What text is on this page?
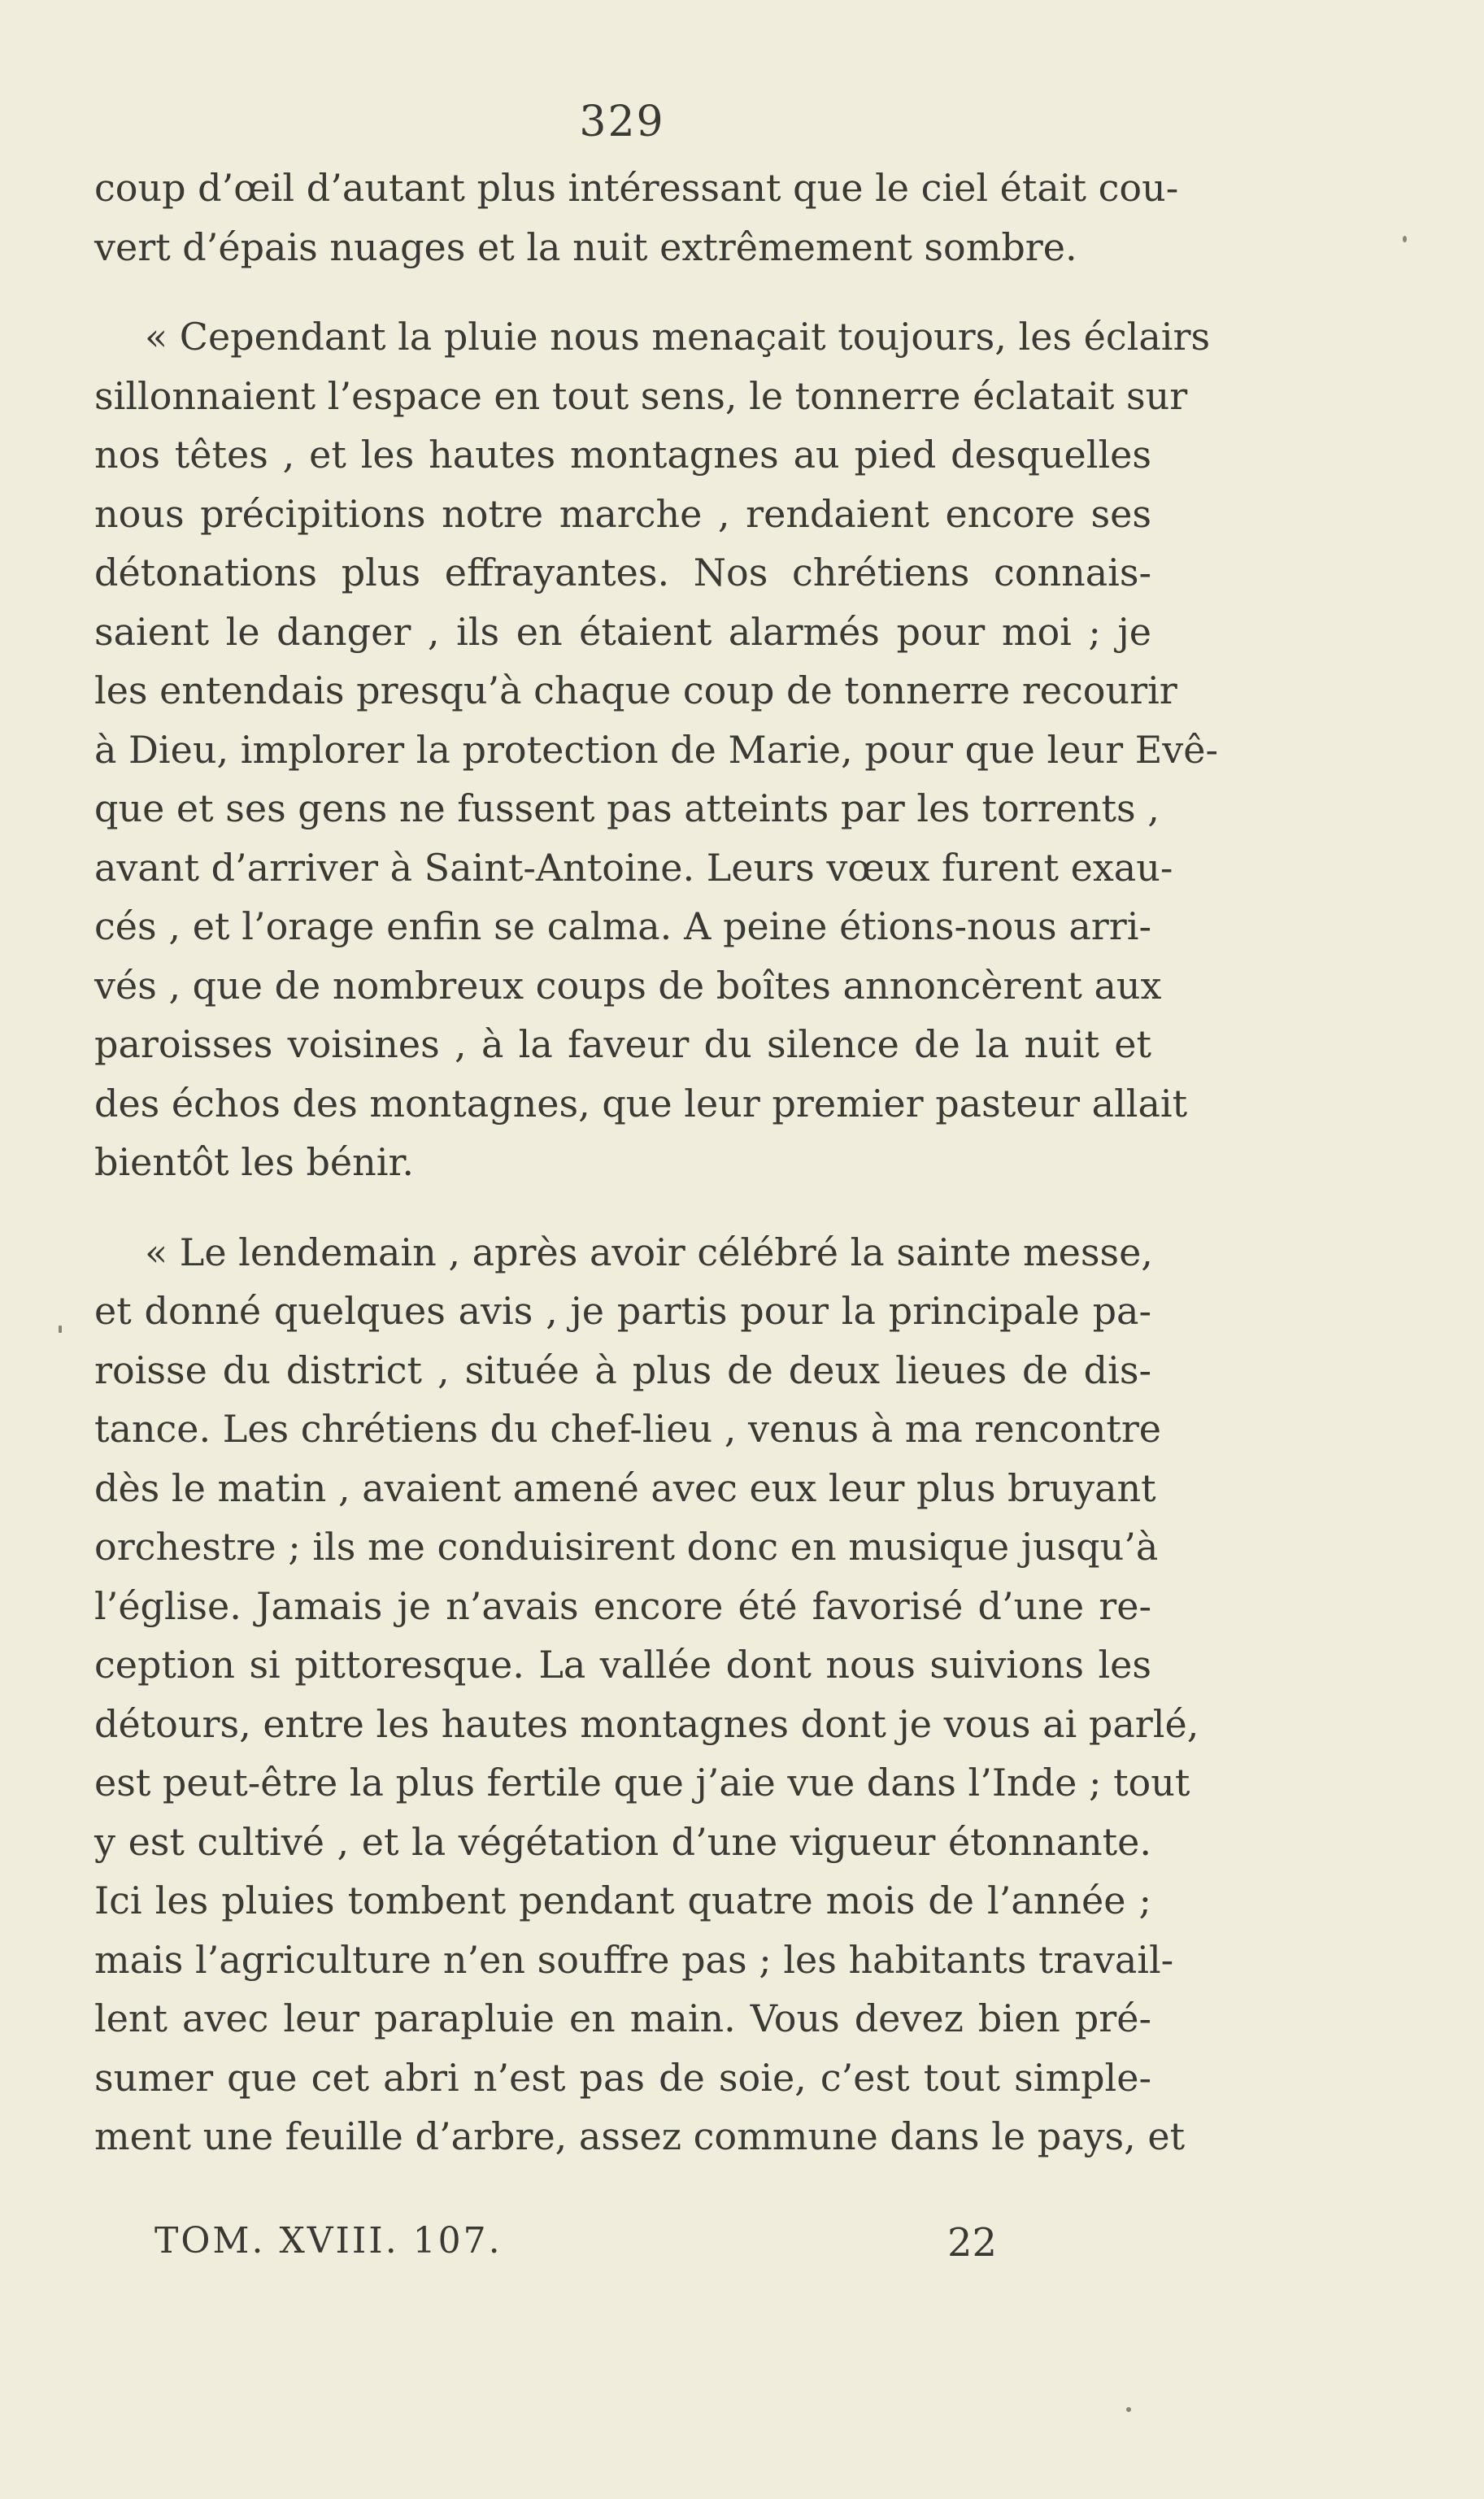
329
coup d’œil d’autant plus intéressant que le ciel était cou-
vert d’épais nuages et la nuit extrêmement sombre.
« Cependant la pluie nous menaçait toujours, les éclairs
sillonnaient l’espace en tout sens, le tonnerre éclatait sur
nos têtes , et les hautes montagnes au pied desquelles
nous précipitions notre marche , rendaient encore ses
détonations plus effrayantes. Nos chrétiens connais-
saient le danger , ils en étaient alarmés pour moi ; je
les entendais presqu’à chaque coup de tonnerre recourir
à Dieu, implorer la protection de Marie, pour que leur Evê-
que et ses gens ne fussent pas atteints par les torrents ,
avant d’arriver à Saint-Antoine. Leurs vœux furent exau-
cés , et l’orage enfin se calma. A peine étions-nous arri-
vés , que de nombreux coups de boîtes annoncèrent aux
paroisses voisines , à la faveur du silence de la nuit et
des échos des montagnes, que leur premier pasteur allait
bientôt les bénir.
« Le lendemain , après avoir célébré la sainte messe,
et donné quelques avis , je partis pour la principale pa-
roisse du district , située à plus de deux lieues de dis-
tance. Les chrétiens du chef-lieu , venus à ma rencontre
dès le matin , avaient amené avec eux leur plus bruyant
orchestre ; ils me conduisirent donc en musique jusqu’à
l’église. Jamais je n’avais encore été favorisé d’une re-
ception si pittoresque. La vallée dont nous suivions les
détours, entre les hautes montagnes dont je vous ai parlé,
est peut-être la plus fertile que j’aie vue dans l’Inde ; tout
y est cultivé , et la végétation d’une vigueur étonnante.
Ici les pluies tombent pendant quatre mois de l’année ;
mais l’agriculture n’en souffre pas ; les habitants travail-
lent avec leur parapluie en main. Vous devez bien pré-
sumer que cet abri n’est pas de soie, c’est tout simple-
ment une feuille d’arbre, assez commune dans le pays, et
TOM. XVIII. 107.	22
